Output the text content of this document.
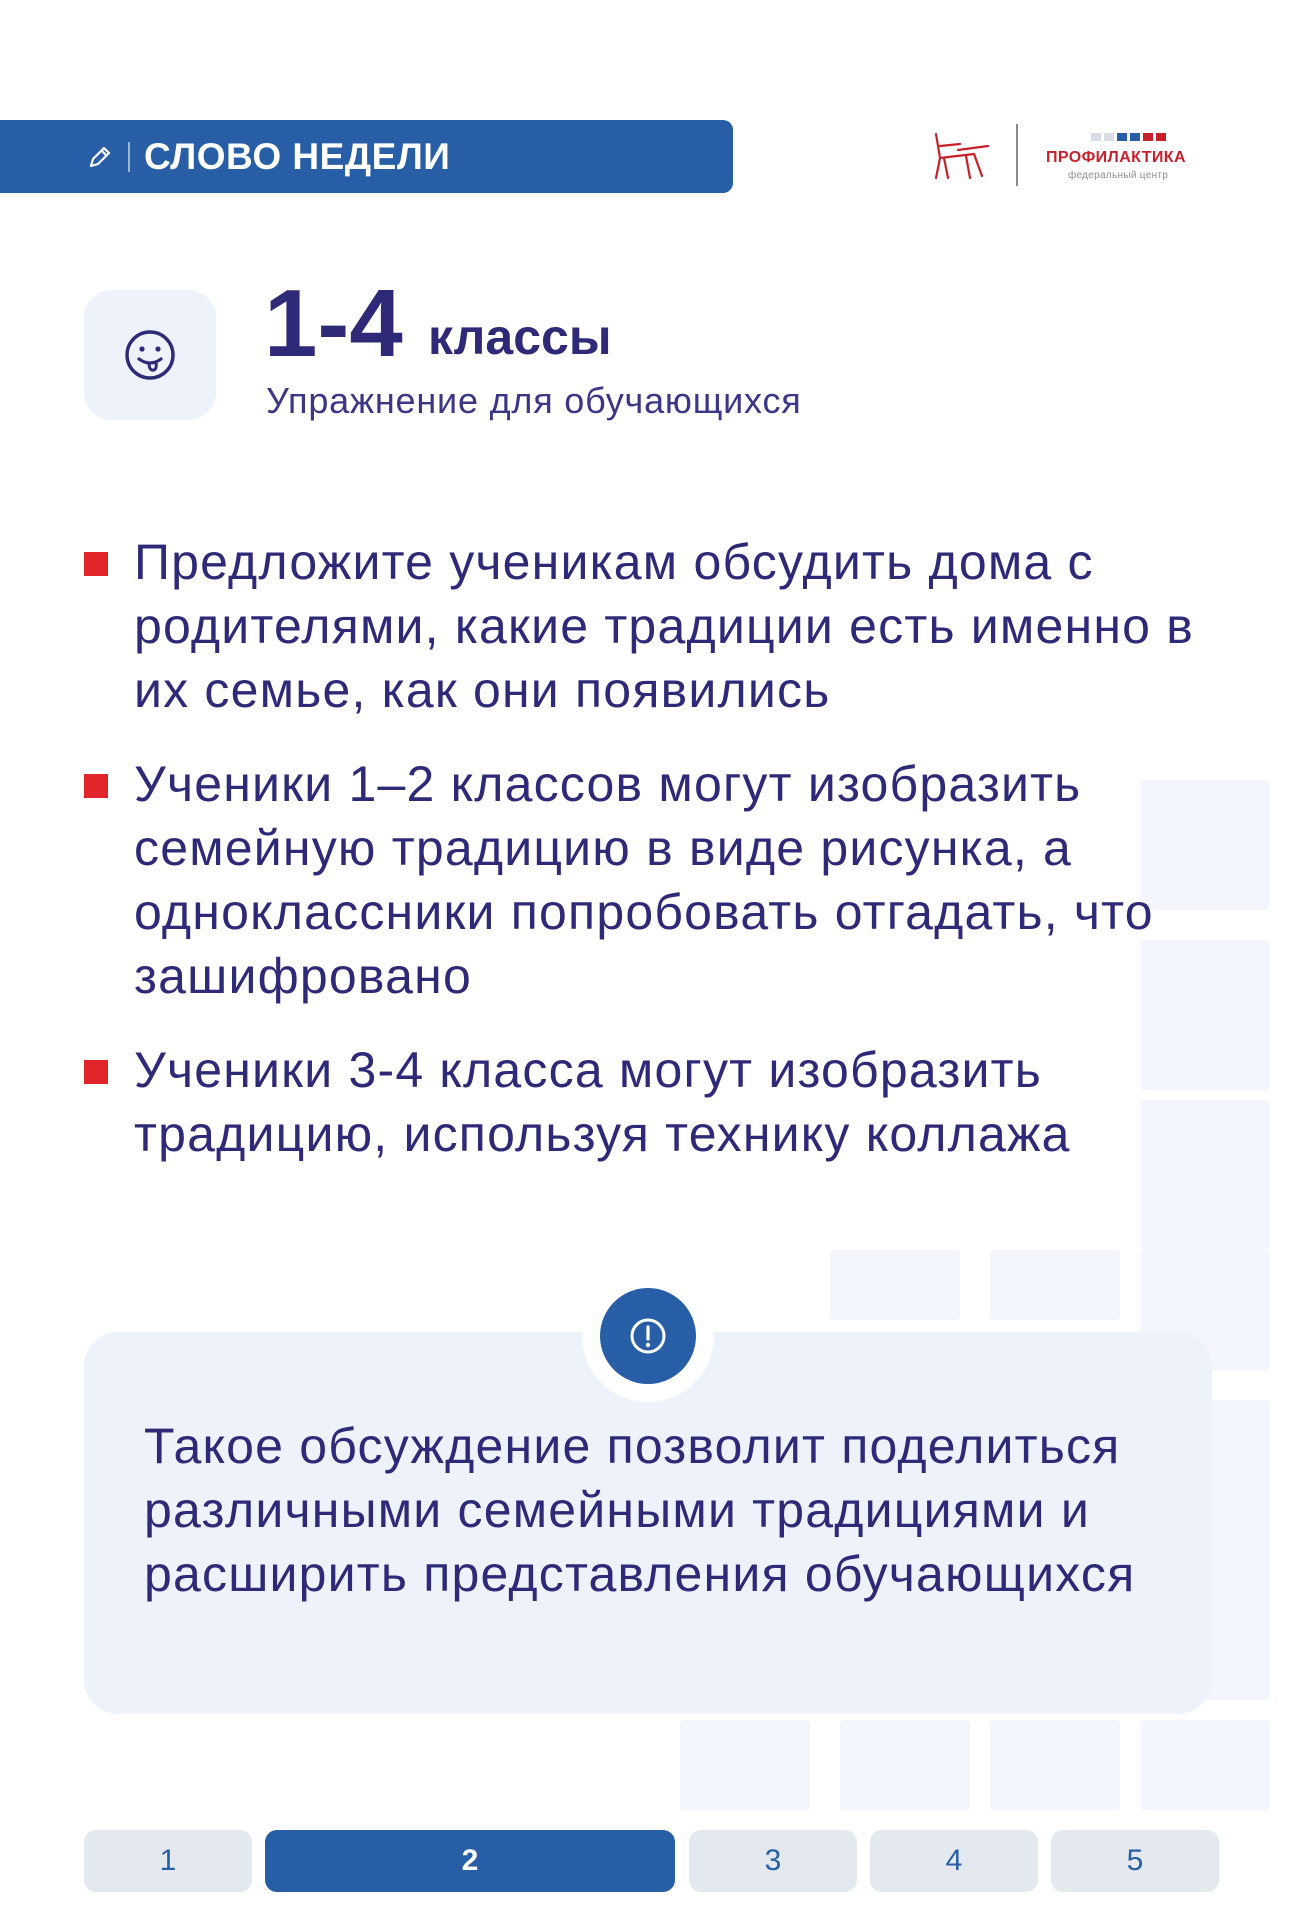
СЛОВО НЕДЕЛИ	ПРОФИЛАКТИКА
федеральный центр
1-4 классы
Упражнение для обучающихся
Предложите ученикам обсудить дома с родителями, какие традиции есть именно в их семье, как они появились
Ученики 1–2 классов могут изобразить семейную традицию в виде рисунка, а одноклассники попробовать отгадать, что зашифровано
Ученики 3-4 класса могут изобразить традицию, используя технику коллажа
Такое обсуждение позволит поделиться различными семейными традициями и расширить представления обучающихся
1	2	3	4	5
